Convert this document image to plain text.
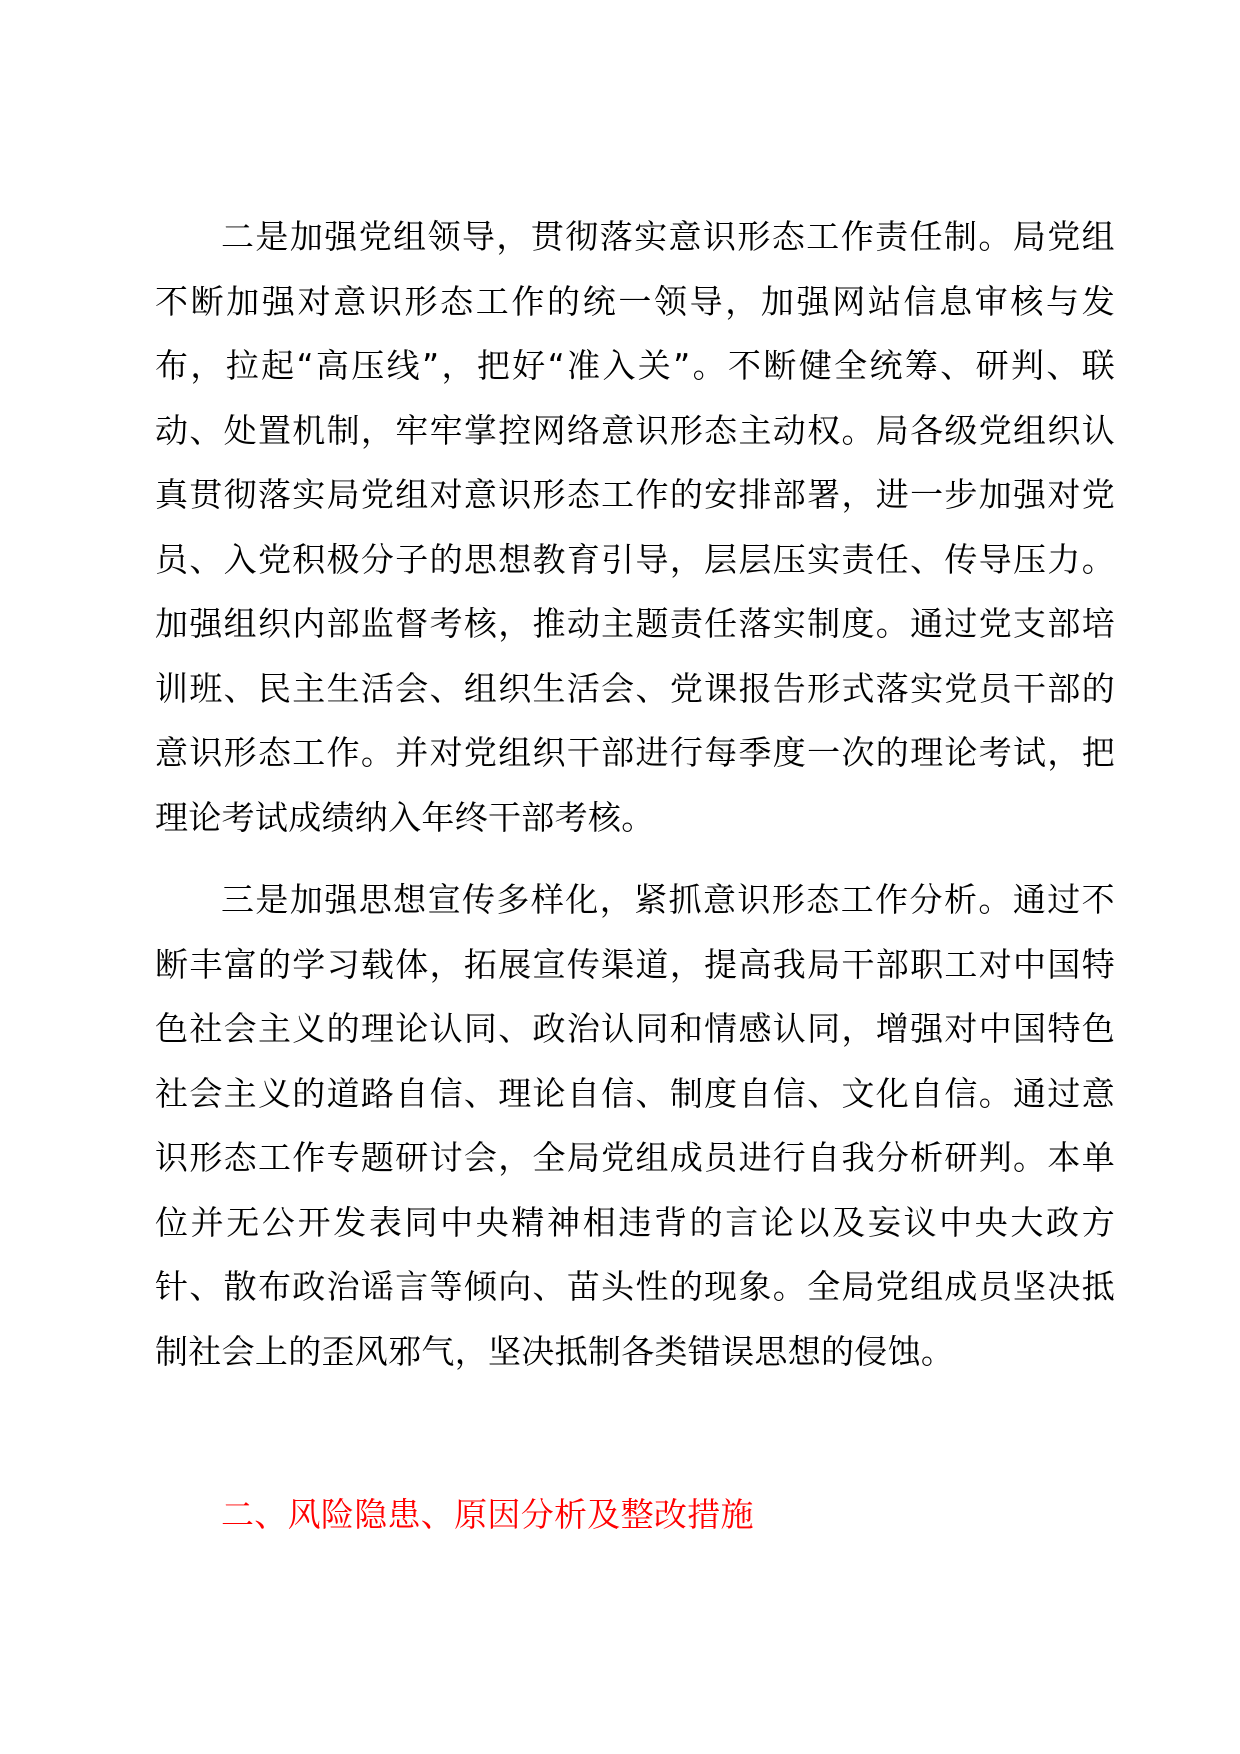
二是加强党组领导，贯彻落实意识形态工作责任制。局党组不断加强对意识形态工作的统一领导，加强网站信息审核与发布，拉起“高压线”，把好“准入关”。不断健全统筹、研判、联动、处置机制，牢牢掌控网络意识形态主动权。局各级党组织认真贯彻落实局党组对意识形态工作的安排部署，进一步加强对党员、入党积极分子的思想教育引导，层层压实责任、传导压力。加强组织内部监督考核，推动主题责任落实制度。通过党支部培训班、民主生活会、组织生活会、党课报告形式落实党员干部的意识形态工作。并对党组织干部进行每季度一次的理论考试，把理论考试成绩纳入年终干部考核。

三是加强思想宣传多样化，紧抓意识形态工作分析。通过不断丰富的学习载体，拓展宣传渠道，提高我局干部职工对中国特色社会主义的理论认同、政治认同和情感认同，增强对中国特色社会主义的道路自信、理论自信、制度自信、文化自信。通过意识形态工作专题研讨会，全局党组成员进行自我分析研判。本单位并无公开发表同中央精神相违背的言论以及妄议中央大政方针、散布政治谣言等倾向、苗头性的现象。全局党组成员坚决抵制社会上的歪风邪气，坚决抵制各类错误思想的侵蚀。

二、风险隐患、原因分析及整改措施
